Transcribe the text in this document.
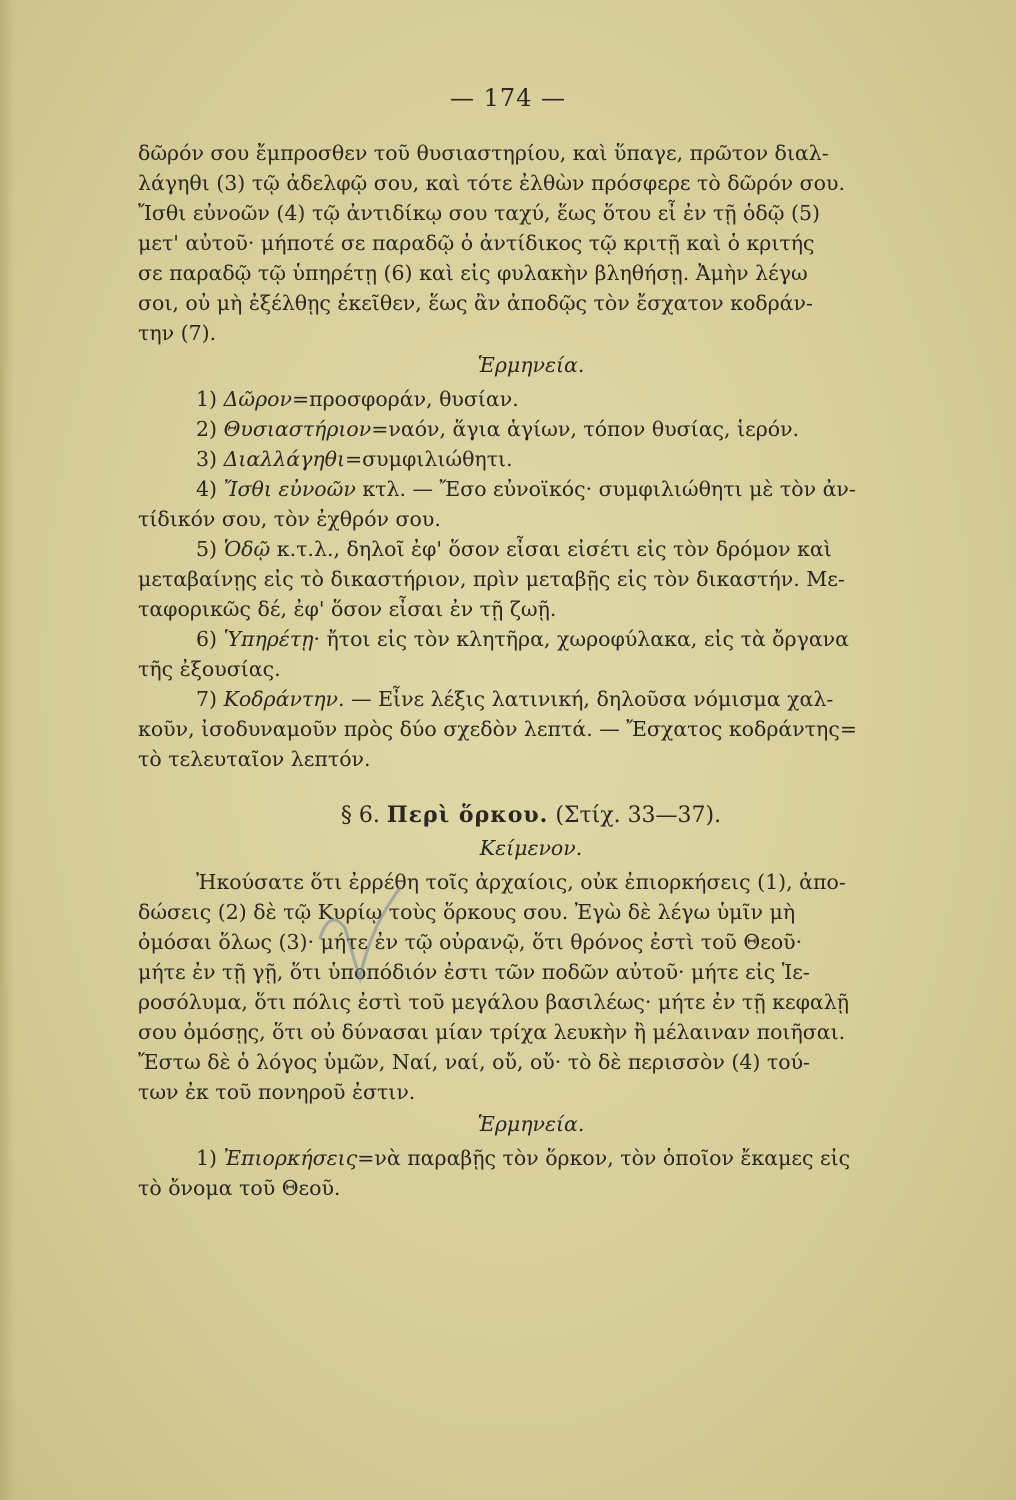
— 174 —
δῶρόν σου ἔμπροσθεν τοῦ θυσιαστηρίου, καὶ ὕπαγε, πρῶτον διαλ-
λάγηθι (3) τῷ ἀδελφῷ σου, καὶ τότε ἐλθὼν πρόσφερε τὸ δῶρόν σου.
Ἴσθι εὐνοῶν (4) τῷ ἀντιδίκῳ σου ταχύ, ἕως ὅτου εἶ ἐν τῇ ὁδῷ (5)
μετ' αὐτοῦ· μήποτέ σε παραδῷ ὁ ἀντίδικος τῷ κριτῇ καὶ ὁ κριτής
σε παραδῷ τῷ ὑπηρέτῃ (6) καὶ εἰς φυλακὴν βληθήσῃ. Ἀμὴν λέγω
σοι, οὐ μὴ ἐξέλθῃς ἐκεῖθεν, ἕως ἂν ἀποδῷς τὸν ἔσχατον κοδράν-
την (7).
Ἑρμηνεία.
1) Δῶρον=προσφοράν, θυσίαν.
2) Θυσιαστήριον=ναόν, ἅγια ἁγίων, τόπον θυσίας, ἱερόν.
3) Διαλλάγηθι=συμφιλιώθητι.
4) Ἴσθι εὐνοῶν κτλ. — Ἔσο εὐνοϊκός· συμφιλιώθητι μὲ τὸν ἀν-
τίδικόν σου, τὸν ἐχθρόν σου.
5) Ὁδῷ κ.τ.λ., δηλοῖ ἐφ' ὅσον εἶσαι εἰσέτι εἰς τὸν δρόμον καὶ
μεταβαίνῃς εἰς τὸ δικαστήριον, πρὶν μεταβῇς εἰς τὸν δικαστήν. Με-
ταφορικῶς δέ, ἐφ' ὅσον εἶσαι ἐν τῇ ζωῇ.
6) Ὑπηρέτῃ· ἤτοι εἰς τὸν κλητῆρα, χωροφύλακα, εἰς τὰ ὄργανα
τῆς ἐξουσίας.
7) Κοδράντην. — Εἶνε λέξις λατινική, δηλοῦσα νόμισμα χαλ-
κοῦν, ἰσοδυναμοῦν πρὸς δύο σχεδὸν λεπτά. — Ἔσχατος κοδράντης=
τὸ τελευταῖον λεπτόν.
§ 6. Περὶ ὅρκου. (Στίχ. 33—37).
Κείμενον.
Ἠκούσατε ὅτι ἐρρέθη τοῖς ἀρχαίοις, οὐκ ἐπιορκήσεις (1), ἀπο-
δώσεις (2) δὲ τῷ Κυρίῳ τοὺς ὅρκους σου. Ἐγὼ δὲ λέγω ὑμῖν μὴ
ὀμόσαι ὅλως (3)· μήτε ἐν τῷ οὐρανῷ, ὅτι θρόνος ἐστὶ τοῦ Θεοῦ·
μήτε ἐν τῇ γῇ, ὅτι ὑποπόδιόν ἐστι τῶν ποδῶν αὐτοῦ· μήτε εἰς Ἱε-
ροσόλυμα, ὅτι πόλις ἐστὶ τοῦ μεγάλου βασιλέως· μήτε ἐν τῇ κεφαλῇ
σου ὀμόσῃς, ὅτι οὐ δύνασαι μίαν τρίχα λευκὴν ἢ μέλαιναν ποιῆσαι.
Ἔστω δὲ ὁ λόγος ὑμῶν, Ναί, ναί, οὔ, οὔ· τὸ δὲ περισσὸν (4) τού-
των ἐκ τοῦ πονηροῦ ἐστιν.
Ἑρμηνεία.
1) Ἐπιορκήσεις=νὰ παραβῇς τὸν ὅρκον, τὸν ὁποῖον ἔκαμες εἰς
τὸ ὄνομα τοῦ Θεοῦ.
